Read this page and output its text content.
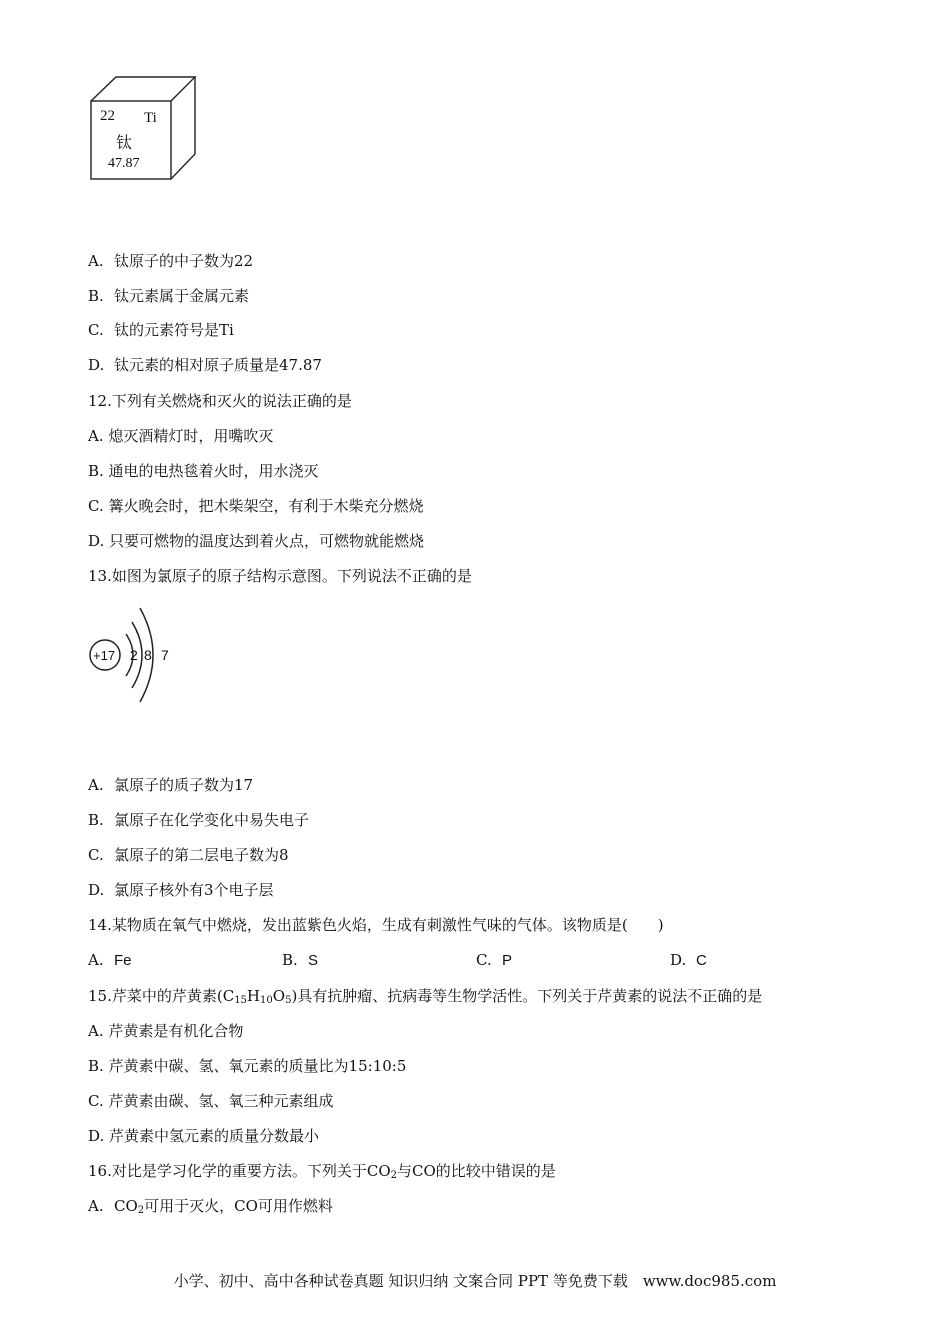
22 Ti
钛
47.87
A. 钛原子的中子数为22
B. 钛元素属于金属元素
C. 钛的元素符号是Ti
D. 钛元素的相对原子质量是47.87
12.下列有关燃烧和灭火的说法正确的是
A. 熄灭酒精灯时，用嘴吹灭
B. 通电的电热毯着火时，用水浇灭
C. 篝火晚会时，把木柴架空，有利于木柴充分燃烧
D. 只要可燃物的温度达到着火点，可燃物就能燃烧
13.如图为氯原子的原子结构示意图。下列说法不正确的是
+17 2 8 7
A. 氯原子的质子数为17
B. 氯原子在化学变化中易失电子
C. 氯原子的第二层电子数为8
D. 氯原子核外有3个电子层
14.某物质在氧气中燃烧，发出蓝紫色火焰，生成有刺激性气味的气体。该物质是(　　)
A. Fe	B. S	C. P	D. C
15.芹菜中的芹黄素$(C_{15}H_{10}O_5)$具有抗肿瘤、抗病毒等生物学活性。下列关于芹黄素的说法不正确的是
A. 芹黄素是有机化合物
B. 芹黄素中碳、氢、氧元素的质量比为15:10:5
C. 芹黄素由碳、氢、氧三种元素组成
D. 芹黄素中氢元素的质量分数最小
16.对比是学习化学的重要方法。下列关于$CO_2$与CO的比较中错误的是
A. $CO_2$可用于灭火，CO可用作燃料
小学、初中、高中各种试卷真题 知识归纳 文案合同 PPT 等免费下载　www.doc985.com
